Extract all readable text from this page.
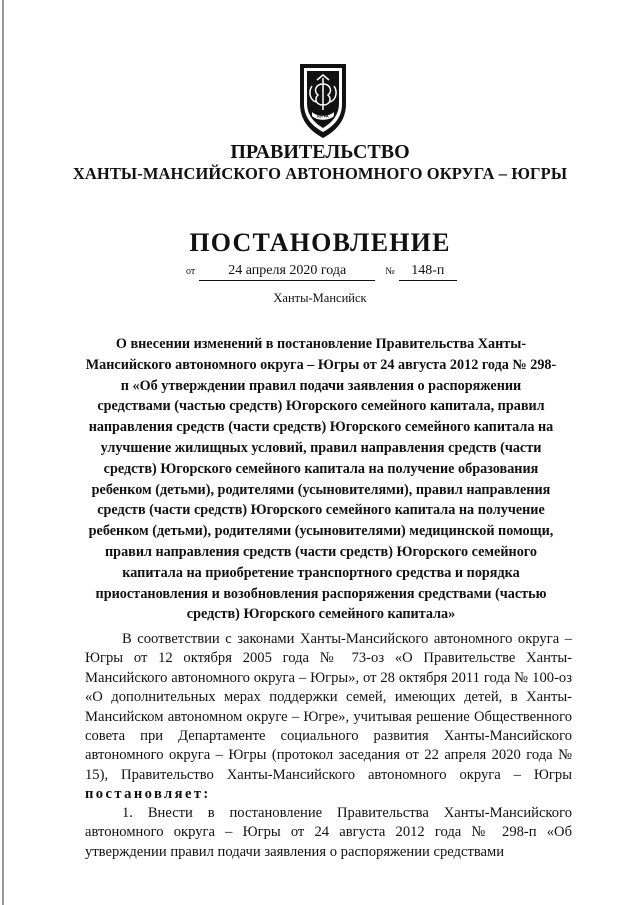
ЮГРА
ПРАВИТЕЛЬСТВО
ХАНТЫ-МАНСИЙСКОГО АВТОНОМНОГО ОКРУГА – ЮГРЫ
ПОСТАНОВЛЕНИЕ
от 24 апреля 2020 года	№ 148-п
Ханты-Мансийск
О внесении изменений в постановление Правительства Ханты-Мансийского автономного округа – Югры от 24 августа 2012 года № 298-п «Об утверждении правил подачи заявления о распоряжении средствами (частью средств) Югорского семейного капитала, правил направления средств (части средств) Югорского семейного капитала на улучшение жилищных условий, правил направления средств (части средств) Югорского семейного капитала на получение образования ребенком (детьми), родителями (усыновителями), правил направления средств (части средств) Югорского семейного капитала на получение ребенком (детьми), родителями (усыновителями) медицинской помощи, правил направления средств (части средств) Югорского семейного капитала на приобретение транспортного средства и порядка приостановления и возобновления распоряжения средствами (частью средств) Югорского семейного капитала»
В соответствии с законами Ханты-Мансийского автономного округа – Югры от 12 октября 2005 года № 73-оз «О Правительстве Ханты-Мансийского автономного округа – Югры», от 28 октября 2011 года № 100-оз «О дополнительных мерах поддержки семей, имеющих детей, в Ханты-Мансийском автономном округе – Югре», учитывая решение Общественного совета при Департаменте социального развития Ханты-Мансийского автономного округа – Югры (протокол заседания от 22 апреля 2020 года № 15), Правительство Ханты-Мансийского автономного округа – Югры постановляет:
1. Внести в постановление Правительства Ханты-Мансийского автономного округа – Югры от 24 августа 2012 года № 298-п «Об утверждении правил подачи заявления о распоряжении средствами
